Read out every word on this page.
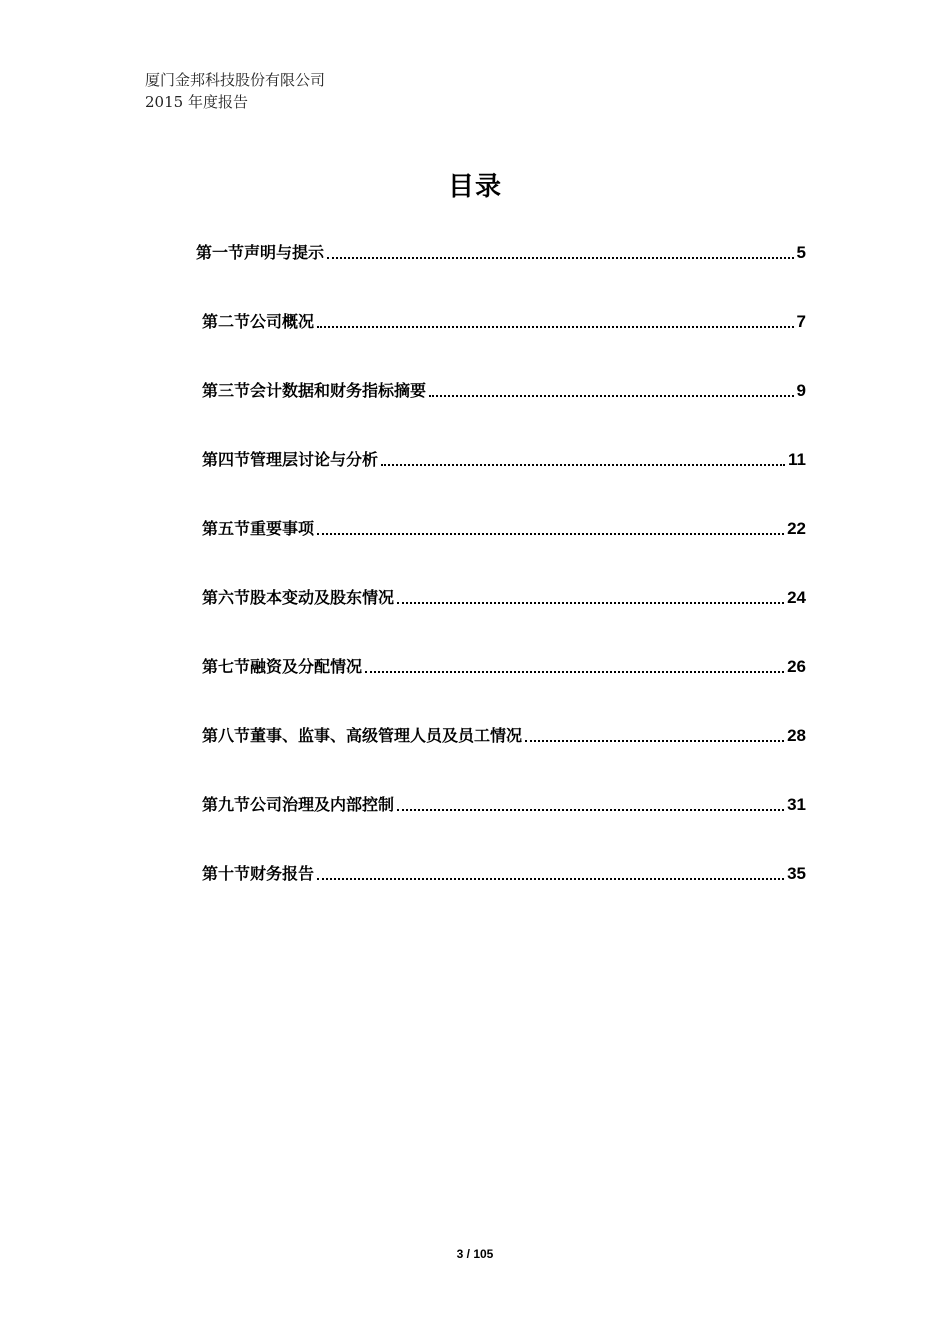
厦门金邦科技股份有限公司
2015 年度报告
目录
第一节声明与提示	5
第二节公司概况	7
第三节会计数据和财务指标摘要	9
第四节管理层讨论与分析	11
第五节重要事项	22
第六节股本变动及股东情况	24
第七节融资及分配情况	26
第八节董事、监事、高级管理人员及员工情况	28
第九节公司治理及内部控制	31
第十节财务报告	35
3 / 105
